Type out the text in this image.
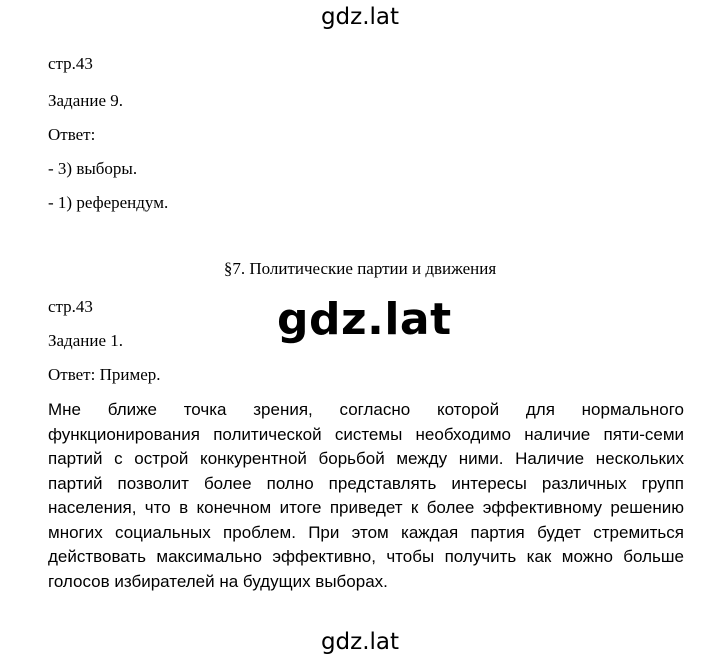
gdz.lat
стр.43
Задание 9.
Ответ:
- 3) выборы.
- 1) референдум.
§7. Политические партии и движения
стр.43
Задание 1.
Ответ: Пример.
gdz.lat
Мне ближе точка зрения, согласно которой для нормального
функционирования политической системы необходимо наличие пяти-семи
партий с острой конкурентной борьбой между ними. Наличие нескольких
партий позволит более полно представлять интересы различных групп
населения, что в конечном итоге приведет к более эффективному решению
многих социальных проблем. При этом каждая партия будет стремиться
действовать максимально эффективно, чтобы получить как можно больше
голосов избирателей на будущих выборах.
gdz.lat
